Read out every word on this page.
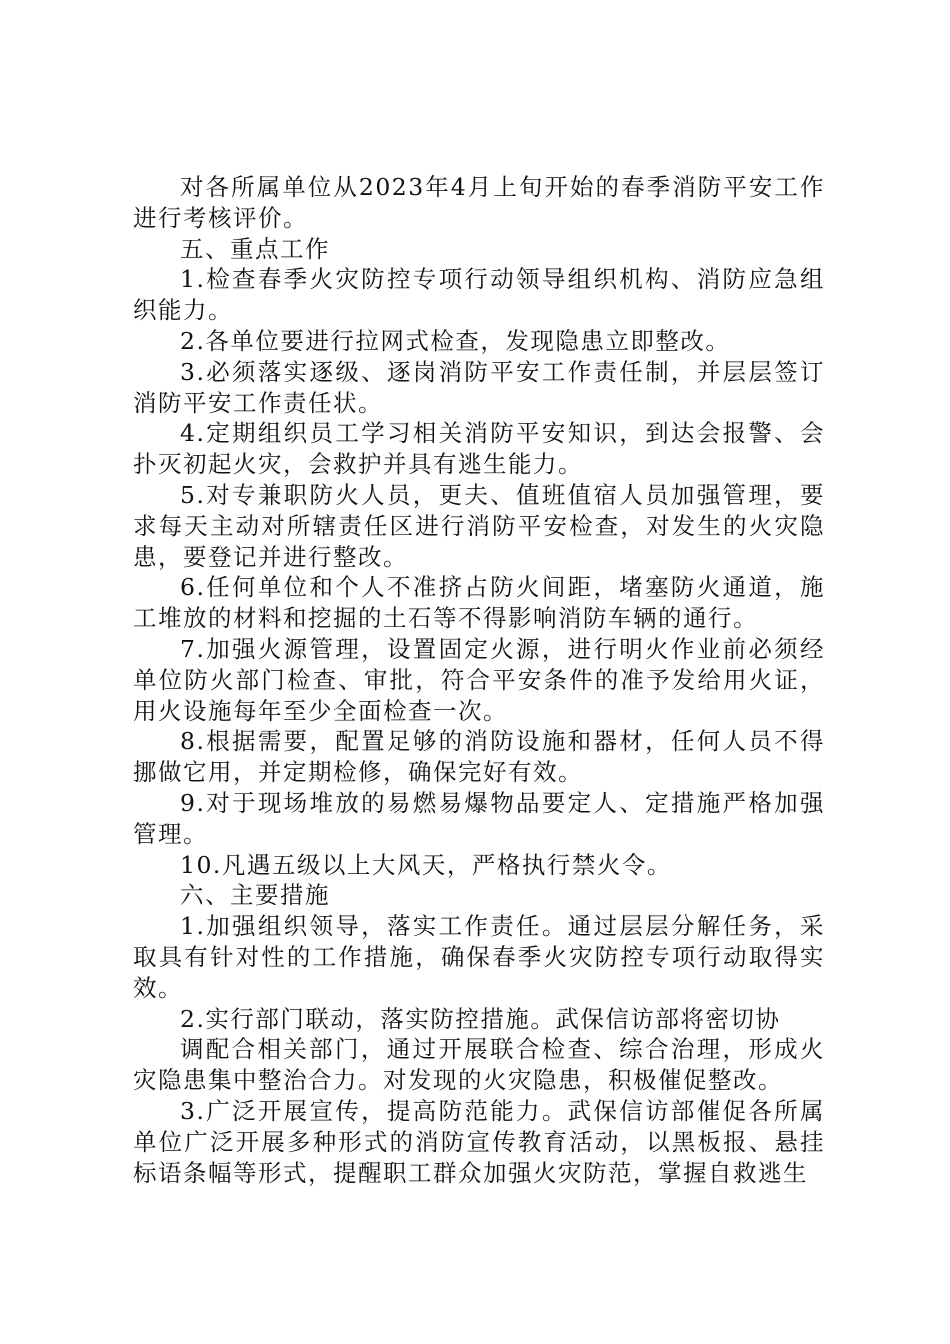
对各所属单位从2023年4月上旬开始的春季消防平安工作进行考核评价。

五、重点工作

1.检查春季火灾防控专项行动领导组织机构、消防应急组织能力。

2.各单位要进行拉网式检查，发现隐患立即整改。

3.必须落实逐级、逐岗消防平安工作责任制，并层层签订消防平安工作责任状。

4.定期组织员工学习相关消防平安知识，到达会报警、会扑灭初起火灾，会救护并具有逃生能力。

5.对专兼职防火人员，更夫、值班值宿人员加强管理，要求每天主动对所辖责任区进行消防平安检查，对发生的火灾隐患，要登记并进行整改。

6.任何单位和个人不准挤占防火间距，堵塞防火通道，施工堆放的材料和挖掘的土石等不得影响消防车辆的通行。

7.加强火源管理，设置固定火源，进行明火作业前必须经单位防火部门检查、审批，符合平安条件的准予发给用火证，用火设施每年至少全面检查一次。

8.根据需要，配置足够的消防设施和器材，任何人员不得挪做它用，并定期检修，确保完好有效。

9.对于现场堆放的易燃易爆物品要定人、定措施严格加强管理。

10.凡遇五级以上大风天，严格执行禁火令。

六、主要措施

1.加强组织领导，落实工作责任。通过层层分解任务，采取具有针对性的工作措施，确保春季火灾防控专项行动取得实效。

2.实行部门联动，落实防控措施。武保信访部将密切协

调配合相关部门，通过开展联合检查、综合治理，形成火灾隐患集中整治合力。对发现的火灾隐患，积极催促整改。

3.广泛开展宣传，提高防范能力。武保信访部催促各所属单位广泛开展多种形式的消防宣传教育活动，以黑板报、悬挂标语条幅等形式，提醒职工群众加强火灾防范，掌握自救逃生
